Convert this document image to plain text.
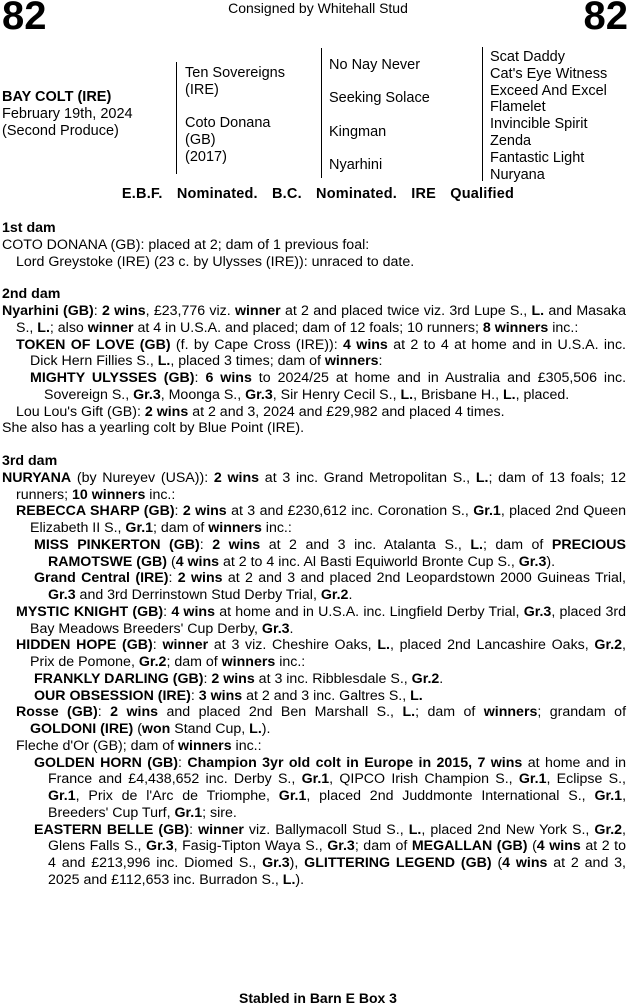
82	Consigned by Whitehall Stud	82
BAY COLT (IRE)
February 19th, 2024
(Second Produce)
Ten Sovereigns
(IRE)
Coto Donana
(GB)
(2017)
No Nay Never
Seeking Solace
Kingman
Nyarhini
Scat Daddy
Cat's Eye Witness
Exceed And Excel
Flamelet
Invincible Spirit
Zenda
Fantastic Light
Nuryana
E.B.F. Nominated. B.C. Nominated. IRE Qualified
1st dam
COTO DONANA (GB): placed at 2; dam of 1 previous foal:
Lord Greystoke (IRE) (23 c. by Ulysses (IRE)): unraced to date.
2nd dam
Nyarhini (GB): 2 wins, £23,776 viz. winner at 2 and placed twice viz. 3rd Lupe S., L. and Masaka S., L.; also winner at 4 in U.S.A. and placed; dam of 12 foals; 10 runners; 8 winners inc.:
TOKEN OF LOVE (GB) (f. by Cape Cross (IRE)): 4 wins at 2 to 4 at home and in U.S.A. inc. Dick Hern Fillies S., L., placed 3 times; dam of winners:
MIGHTY ULYSSES (GB): 6 wins to 2024/25 at home and in Australia and £305,506 inc. Sovereign S., Gr.3, Moonga S., Gr.3, Sir Henry Cecil S., L., Brisbane H., L., placed.
Lou Lou's Gift (GB): 2 wins at 2 and 3, 2024 and £29,982 and placed 4 times.
She also has a yearling colt by Blue Point (IRE).
3rd dam
NURYANA (by Nureyev (USA)): 2 wins at 3 inc. Grand Metropolitan S., L.; dam of 13 foals; 12 runners; 10 winners inc.:
REBECCA SHARP (GB): 2 wins at 3 and £230,612 inc. Coronation S., Gr.1, placed 2nd Queen Elizabeth II S., Gr.1; dam of winners inc.:
MISS PINKERTON (GB): 2 wins at 2 and 3 inc. Atalanta S., L.; dam of PRECIOUS RAMOTSWE (GB) (4 wins at 2 to 4 inc. Al Basti Equiworld Bronte Cup S., Gr.3).
Grand Central (IRE): 2 wins at 2 and 3 and placed 2nd Leopardstown 2000 Guineas Trial, Gr.3 and 3rd Derrinstown Stud Derby Trial, Gr.2.
MYSTIC KNIGHT (GB): 4 wins at home and in U.S.A. inc. Lingfield Derby Trial, Gr.3, placed 3rd Bay Meadows Breeders' Cup Derby, Gr.3.
HIDDEN HOPE (GB): winner at 3 viz. Cheshire Oaks, L., placed 2nd Lancashire Oaks, Gr.2, Prix de Pomone, Gr.2; dam of winners inc.:
FRANKLY DARLING (GB): 2 wins at 3 inc. Ribblesdale S., Gr.2.
OUR OBSESSION (IRE): 3 wins at 2 and 3 inc. Galtres S., L.
Rosse (GB): 2 wins and placed 2nd Ben Marshall S., L.; dam of winners; grandam of GOLDONI (IRE) (won Stand Cup, L.).
Fleche d'Or (GB); dam of winners inc.:
GOLDEN HORN (GB): Champion 3yr old colt in Europe in 2015, 7 wins at home and in France and £4,438,652 inc. Derby S., Gr.1, QIPCO Irish Champion S., Gr.1, Eclipse S., Gr.1, Prix de l'Arc de Triomphe, Gr.1, placed 2nd Juddmonte International S., Gr.1, Breeders' Cup Turf, Gr.1; sire.
EASTERN BELLE (GB): winner viz. Ballymacoll Stud S., L., placed 2nd New York S., Gr.2, Glens Falls S., Gr.3, Fasig-Tipton Waya S., Gr.3; dam of MEGALLAN (GB) (4 wins at 2 to 4 and £213,996 inc. Diomed S., Gr.3), GLITTERING LEGEND (GB) (4 wins at 2 and 3, 2025 and £112,653 inc. Burradon S., L.).
Stabled in Barn E Box 3
